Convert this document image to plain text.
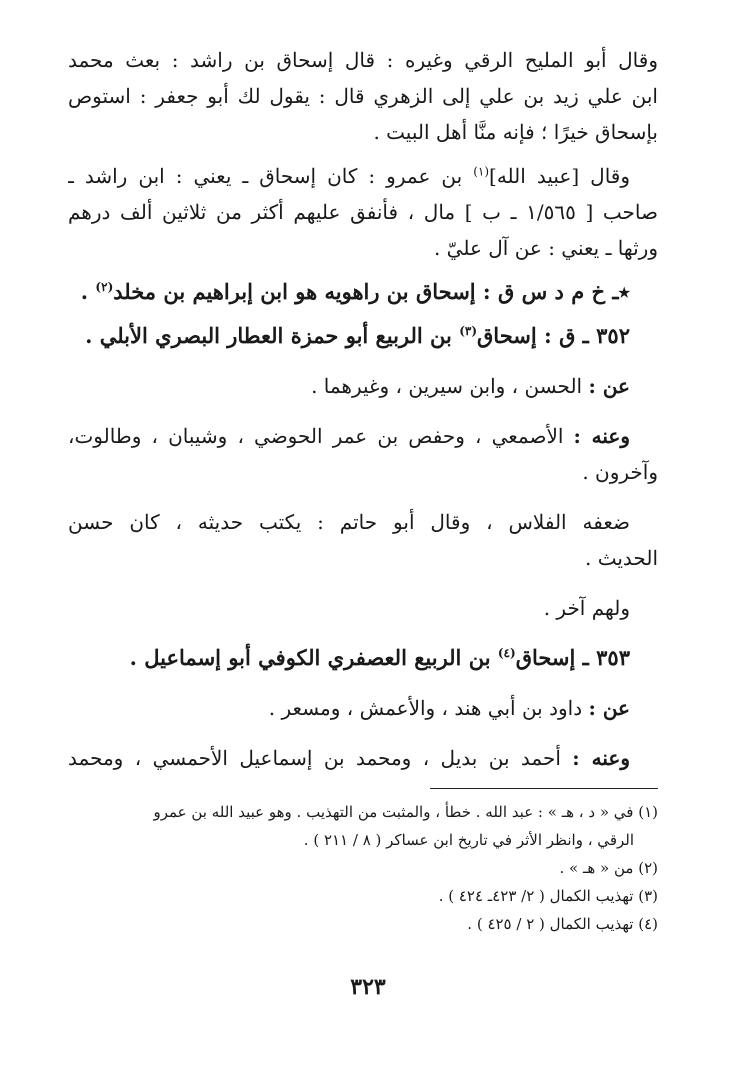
وقال أبو المليح الرقي وغيره : قال إسحاق بن راشد : بعث محمد
ابن علي زيد بن علي إلى الزهري قال : يقول لك أبو جعفر : استوص
بإسحاق خيرًا ؛ فإنه منَّا أهل البيت .
وقال [عبيد الله]$^{(١)}$ بن عمرو : كان إسحاق ـ يعني : ابن راشد ـ
صاحب [ ١/٥٦٥ ـ ب ] مال ، فأنفق عليهم أكثر من ثلاثين ألف درهم
ورثها ـ يعني : عن آل عليّ .
٭ـ خ م د س ق : إسحاق بن راهويه هو ابن إبراهيم بن مخلد$^{(٢)}$ .
٣٥٢ ـ ق : إسحاق$^{(٣)}$ بن الربيع أبو حمزة العطار البصري الأبلي .
عن : الحسن ، وابن سيرين ، وغيرهما .
وعنه : الأصمعي ، وحفص بن عمر الحوضي ، وشيبان ، وطالوت،
وآخرون .
ضعفه الفلاس ، وقال أبو حاتم : يكتب حديثه ، كان حسن
الحديث .
ولهم آخر .
٣٥٣ ـ إسحاق$^{(٤)}$ بن الربيع العصفري الكوفي أبو إسماعيل .
عن : داود بن أبي هند ، والأعمش ، ومسعر .
وعنه : أحمد بن بديل ، ومحمد بن إسماعيل الأحمسي ، ومحمد
(١) في « د ، هـ » : عبد الله . خطأ ، والمثبت من التهذيب . وهو عبيد الله بن عمرو
الرقي ، وانظر الأثر في تاريخ ابن عساكر ( ٨ / ٢١١ ) .
(٢) من « هـ » .
(٣) تهذيب الكمال ( ٢/ ٤٢٣ـ ٤٢٤ ) .
(٤) تهذيب الكمال ( ٢ / ٤٢٥ ) .
٣٢٣
